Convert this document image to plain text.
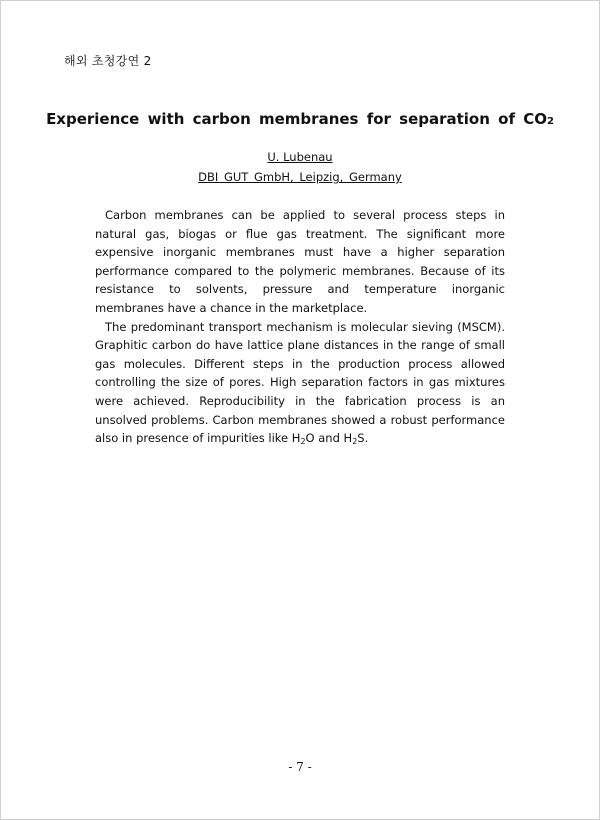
해외 초청강연 2
Experience with carbon membranes for separation of CO2
U. Lubenau
DBI GUT GmbH, Leipzig, Germany

Carbon membranes can be applied to several process steps in natural gas, biogas or flue gas treatment. The significant more expensive inorganic membranes must have a higher separation performance compared to the polymeric membranes. Because of its resistance to solvents, pressure and temperature inorganic membranes have a chance in the marketplace.

The predominant transport mechanism is molecular sieving (MSCM). Graphitic carbon do have lattice plane distances in the range of small gas molecules. Different steps in the production process allowed controlling the size of pores. High separation factors in gas mixtures were achieved. Reproducibility in the fabrication process is an unsolved problems. Carbon membranes showed a robust performance also in presence of impurities like $H_2O$ and $H_2S$.

- 7 -
